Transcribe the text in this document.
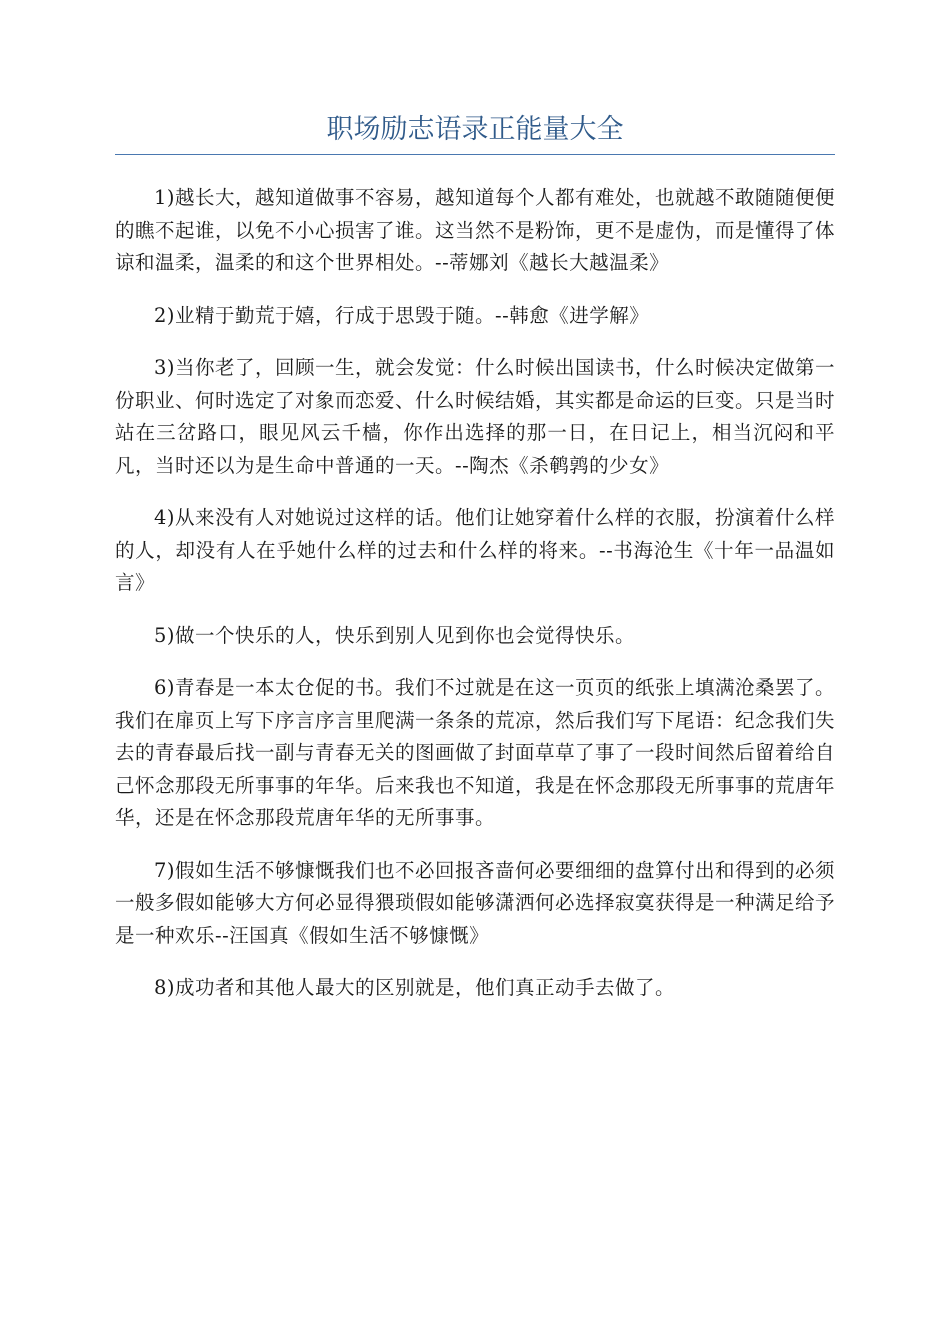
职场励志语录正能量大全

1)越长大，越知道做事不容易，越知道每个人都有难处，也就越不敢随随便便的瞧不起谁，以免不小心损害了谁。这当然不是粉饰，更不是虚伪，而是懂得了体谅和温柔，温柔的和这个世界相处。--蒂娜刘《越长大越温柔》

2)业精于勤荒于嬉，行成于思毁于随。--韩愈《进学解》

3)当你老了，回顾一生，就会发觉：什么时候出国读书，什么时候决定做第一份职业、何时选定了对象而恋爱、什么时候结婚，其实都是命运的巨变。只是当时站在三岔路口，眼见风云千樯，你作出选择的那一日，在日记上，相当沉闷和平凡，当时还以为是生命中普通的一天。--陶杰《杀鹌鹑的少女》

4)从来没有人对她说过这样的话。他们让她穿着什么样的衣服，扮演着什么样的人，却没有人在乎她什么样的过去和什么样的将来。--书海沧生《十年一品温如言》

5)做一个快乐的人，快乐到别人见到你也会觉得快乐。

6)青春是一本太仓促的书。我们不过就是在这一页页的纸张上填满沧桑罢了。我们在扉页上写下序言序言里爬满一条条的荒凉，然后我们写下尾语：纪念我们失去的青春最后找一副与青春无关的图画做了封面草草了事了一段时间然后留着给自己怀念那段无所事事的年华。后来我也不知道，我是在怀念那段无所事事的荒唐年华，还是在怀念那段荒唐年华的无所事事。

7)假如生活不够慷慨我们也不必回报吝啬何必要细细的盘算付出和得到的必须一般多假如能够大方何必显得猥琐假如能够潇洒何必选择寂寞获得是一种满足给予是一种欢乐--汪国真《假如生活不够慷慨》

8)成功者和其他人最大的区别就是，他们真正动手去做了。
